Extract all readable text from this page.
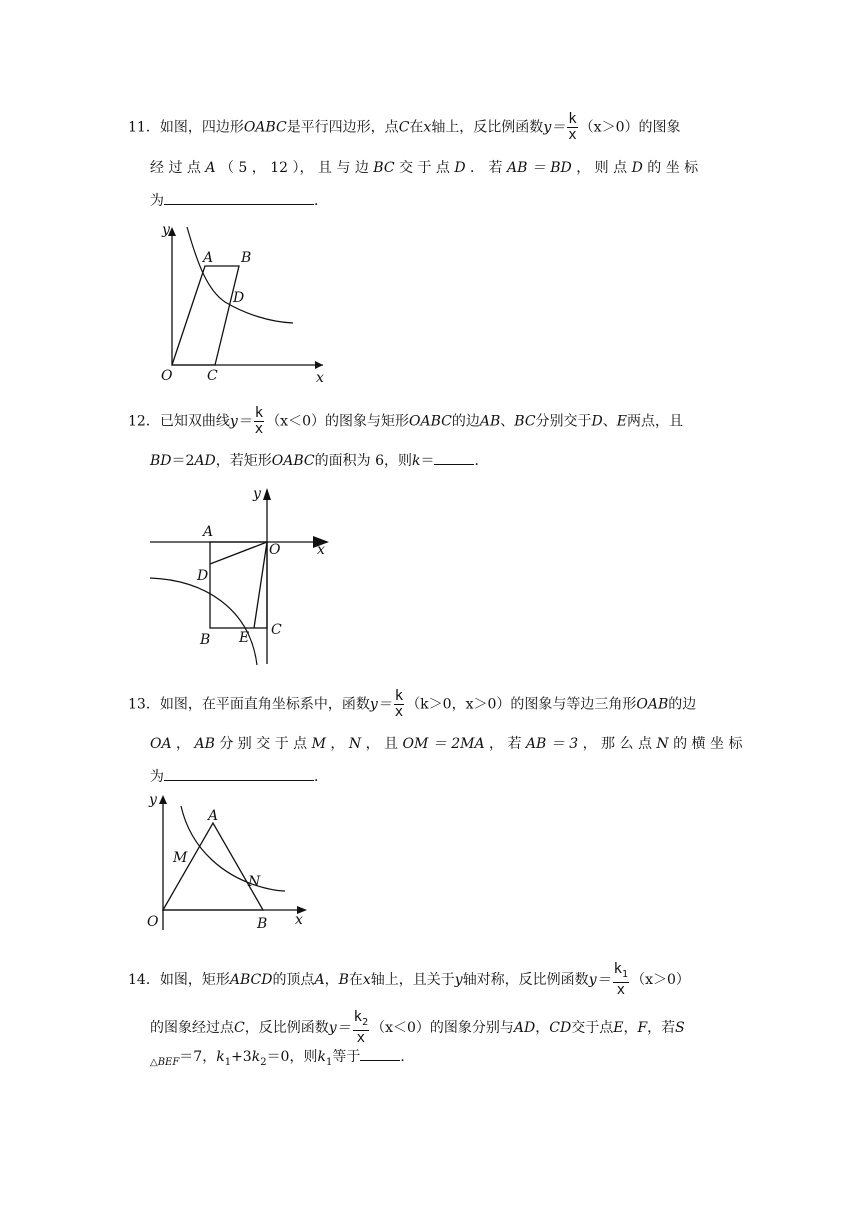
11．如图，四边形OABC是平行四边形，点C在x轴上，反比例函数$y= \frac{k}{x} (x>0)$的图象
经 过 点 A （ 5 ， 12 ）， 且 与 边 BC 交 于 点 D ． 若 AB ＝ BD ， 则 点 D 的 坐 标
为	．
y
A B
D
O C	x
12．已知双曲线$y= \frac{k}{x} (x<0)$的图象与矩形OABC的边AB、BC分别交于D、E两点，且
BD＝2AD，若矩形OABC的面积为 6，则k＝	．
y
A
O	x
D
B E C
13．如图，在平面直角坐标系中，函数$y= \frac{k}{x} (k>0$，x＞0）的图象与等边三角形OAB的边
OA ， AB 分 别 交 于 点 M ， N ， 且 OM ＝ 2MA ， 若 AB ＝ 3 ， 那 么 点 N 的 横 坐 标
为	．
y
A
M
N
O	B x
14．如图，矩形ABCD的顶点A，B在x轴上，且关于y轴对称，反比例函数$y= \frac{k_1}{x} (x>0)$
的图象经过点C，反比例函数$y= \frac{k_2}{x} (x<0)$的图象分别与AD，CD交于点E，F，若S
$_{\triangle BEF}$＝7，$k_1+3k_2=0$，则$k_1$等于	．
